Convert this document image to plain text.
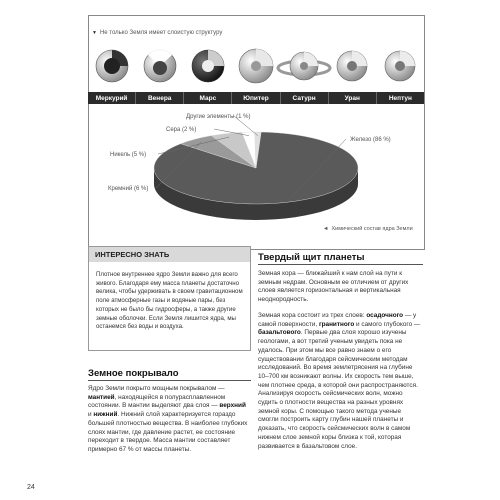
▼ Не только Земля имеет слоистую структуру
Меркурий	Венера	Марс	Юпитер	Сатурн	Уран	Нептун
Железо (86 %)
Кремний (6 %)
Никель (5 %)
Сера (2 %)
Другие элементы (1 %)
◄ Химический состав ядра Земли
ИНТЕРЕСНО ЗНАТЬ
Плотное внутреннее ядро Земли важно для всего живого. Благодаря ему масса планеты достаточно велика, чтобы удерживать в своем гравитационном поле атмосферные газы и водяные пары, без которых не было бы гидросферы, а также другие земные оболочки. Если Земля лишится ядра, мы останемся без воды и воздуха.
Твердый щит планеты
Земная кора — ближайший к нам слой на пути к земным недрам. Основным ее отличием от других слоев является горизонтальная и вертикальная неоднородность.
Земная кора состоит из трех слоев: осадочного — у самой поверхности, гранитного и самого глубокого — базальтового. Первые два слоя хорошо изучены геологами, а вот третий ученым увидеть пока не удалось. При этом мы все равно знаем о его существовании благодаря сейсмическим методам исследований. Во время землетрясения на глубине 10–700 км возникают волны. Их скорость тем выше, чем плотнее среда, в которой они распространяются. Анализируя скорость сейсмических волн, можно судить о плотности вещества на разных уровнях земной коры. С помощью такого метода ученые смогли построить карту глубин нашей планеты и доказать, что скорость сейсмических волн в самом нижнем слое земной коры близка к той, которая развивается в базальтовом слое.
Земное покрывало
Ядро Земли покрыто мощным покрывалом — мантией, находящейся в полурасплавленном состоянии. В мантии выделяют два слоя — верхний и нижний. Нижний слой характеризуется гораздо большей плотностью вещества. В наиболее глубоких слоях мантии, где давление растет, ее состояние переходит в твердое. Масса мантии составляет примерно 67 % от массы планеты.
24
